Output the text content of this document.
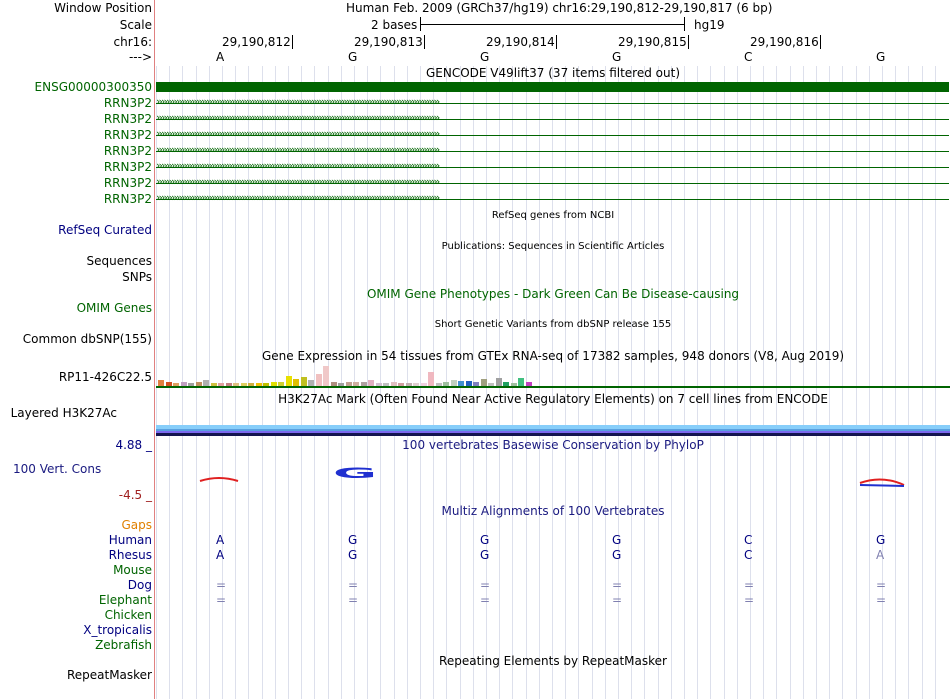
Window Position	Human Feb. 2009 (GRCh37/hg19) chr16:29,190,812-29,190,817 (6 bp)
Scale	2 bases	hg19
chr16:	29,190,812	29,190,813	29,190,814	29,190,815	29,190,816
--->	A	G	G	G	C	G
GENCODE V49lift37 (37 items filtered out)
ENSG00000300350
RRN3P2 ›››››››››››››››››››››››››››››››››››››››››››››››››››››››››››››››››››››››››››››››››››››››››››››››››››››››››››››››››
RRN3P2 ›››››››››››››››››››››››››››››››››››››››››››››››››››››››››››››››››››››››››››››››››››››››››››››››››››››››››››››››››
RRN3P2 ›››››››››››››››››››››››››››››››››››››››››››››››››››››››››››››››››››››››››››››››››››››››››››››››››››››››››››››››››
RRN3P2 ›››››››››››››››››››››››››››››››››››››››››››››››››››››››››››››››››››››››››››››››››››››››››››››››››››››››››››››››››
RRN3P2 ›››››››››››››››››››››››››››››››››››››››››››››››››››››››››››››››››››››››››››››››››››››››››››››››››››››››››››››››››
RRN3P2 ›››››››››››››››››››››››››››››››››››››››››››››››››››››››››››››››››››››››››››››››››››››››››››››››››››››››››››››››››
RRN3P2 ›››››››››››››››››››››››››››››››››››››››››››››››››››››››››››››››››››››››››››››››››››››››››››››››››››››››››››››››››
RefSeq genes from NCBI
RefSeq Curated
Publications: Sequences in Scientific Articles
Sequences
SNPs
OMIM Gene Phenotypes - Dark Green Can Be Disease-causing
OMIM Genes
Short Genetic Variants from dbSNP release 155
Common dbSNP(155)
Gene Expression in 54 tissues from GTEx RNA-seq of 17382 samples, 948 donors (V8, Aug 2019)
RP11-426C22.5
H3K27Ac Mark (Often Found Near Active Regulatory Elements) on 7 cell lines from ENCODE
Layered H3K27Ac
4.88 _	100 vertebrates Basewise Conservation by PhyloP
100 Vert. Cons
-4.5 _
G
Multiz Alignments of 100 Vertebrates
Gaps
Human	A	G	G	G	C	G
Rhesus	A	G	G	G	C	A
Mouse
Dog	=	=	=	=	=	=
Elephant	=	=	=	=	=	=
Chicken
X_tropicalis
Zebrafish
Repeating Elements by RepeatMasker
RepeatMasker
